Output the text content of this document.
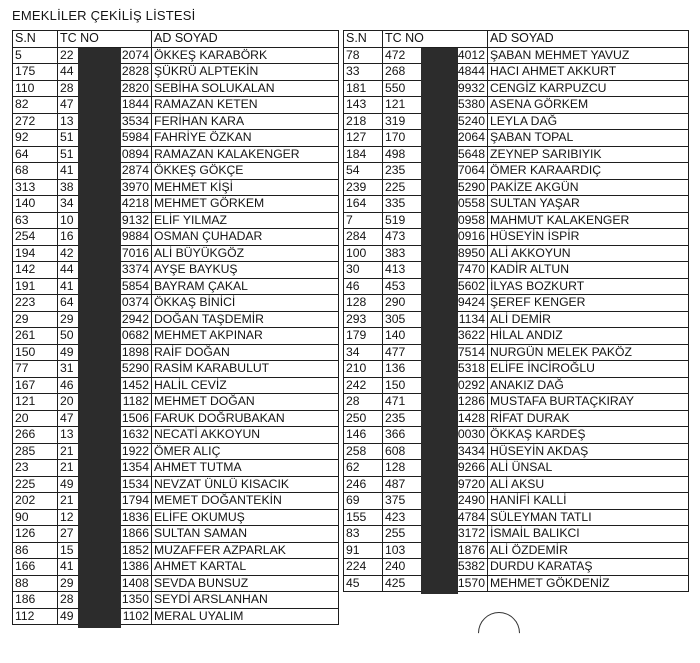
EMEKLİLER ÇEKİLİŞ LİSTESİ
S.N	TC NO	AD SOYAD
5	22 2074	ÖKKEŞ KARABÖRK
175	44 2828	ŞÜKRÜ ALPTEKİN
110	28 2820	SEBİHA SOLUKALAN
82	47 1844	RAMAZAN KETEN
272	13 3534	FERİHAN KARA
92	51 5984	FAHRİYE ÖZKAN
64	51 0894	RAMAZAN KALAKENGER
68	41 2874	ÖKKEŞ GÖKÇE
313	38 3970	MEHMET KİŞİ
140	34 4218	MEHMET GÖRKEM
63	10 9132	ELİF YILMAZ
254	16 9884	OSMAN ÇUHADAR
194	42 7016	ALİ BÜYÜKGÖZ
142	44 3374	AYŞE BAYKUŞ
191	41 5854	BAYRAM ÇAKAL
223	64 0374	ÖKKAŞ BİNİCİ
29	29 2942	DOĞAN TAŞDEMİR
261	50 0682	MEHMET AKPINAR
150	49 1898	RAİF DOĞAN
77	31 5290	RASİM KARABULUT
167	46 1452	HALİL CEVİZ
121	20 1182	MEHMET DOĞAN
20	47 1506	FARUK DOĞRUBAKAN
266	13 1632	NECATİ AKKOYUN
285	21 1922	ÖMER ALIÇ
23	21 1354	AHMET TUTMA
225	49 1534	NEVZAT ÜNLÜ KISACIK
202	21 1794	MEMET DOĞANTEKİN
90	12 1836	ELİFE OKUMUŞ
126	27 1866	SULTAN SAMAN
86	15 1852	MUZAFFER AZPARLAK
166	41 1386	AHMET KARTAL
88	29 1408	SEVDA BUNSUZ
186	28 1350	SEYDİ ARSLANHAN
112	49 1102	MERAL UYALIM
S.N	TC NO	AD SOYAD
78	472 4012	ŞABAN MEHMET YAVUZ
33	268 4844	HACI AHMET AKKURT
181	550 9932	CENGİZ KARPUZCU
143	121 5380	ASENA GÖRKEM
218	319 5240	LEYLA DAĞ
127	170 2064	ŞABAN TOPAL
184	498 5648	ZEYNEP SARIBIYIK
54	235 7064	ÖMER KARAARDIÇ
239	225 5290	PAKİZE AKGÜN
164	335 0558	SULTAN YAŞAR
7	519 0958	MAHMUT KALAKENGER
284	473 0916	HÜSEYİN İSPİR
100	383 8950	ALİ AKKOYUN
30	413 7470	KADİR ALTUN
46	453 5602	İLYAS BOZKURT
128	290 9424	ŞEREF KENGER
293	305 1134	ALİ DEMİR
179	140 3622	HİLAL ANDIZ
34	477 7514	NURGÜN MELEK PAKÖZ
210	136 5318	ELİFE İNCİROĞLU
242	150 0292	ANAKIZ DAĞ
28	471 1286	MUSTAFA BURTAÇKIRAY
250	235 1428	RİFAT DURAK
146	366 0030	ÖKKAŞ KARDEŞ
258	608 3434	HÜSEYİN AKDAŞ
62	128 9266	ALİ ÜNSAL
246	487 9720	ALİ AKSU
69	375 2490	HANİFİ KALLİ
155	423 4784	SÜLEYMAN TATLI
83	255 3172	İSMAİL BALIKCI
91	103 1876	ALİ ÖZDEMİR
224	240 5382	DURDU KARATAŞ
45	425 1570	MEHMET GÖKDENİZ
